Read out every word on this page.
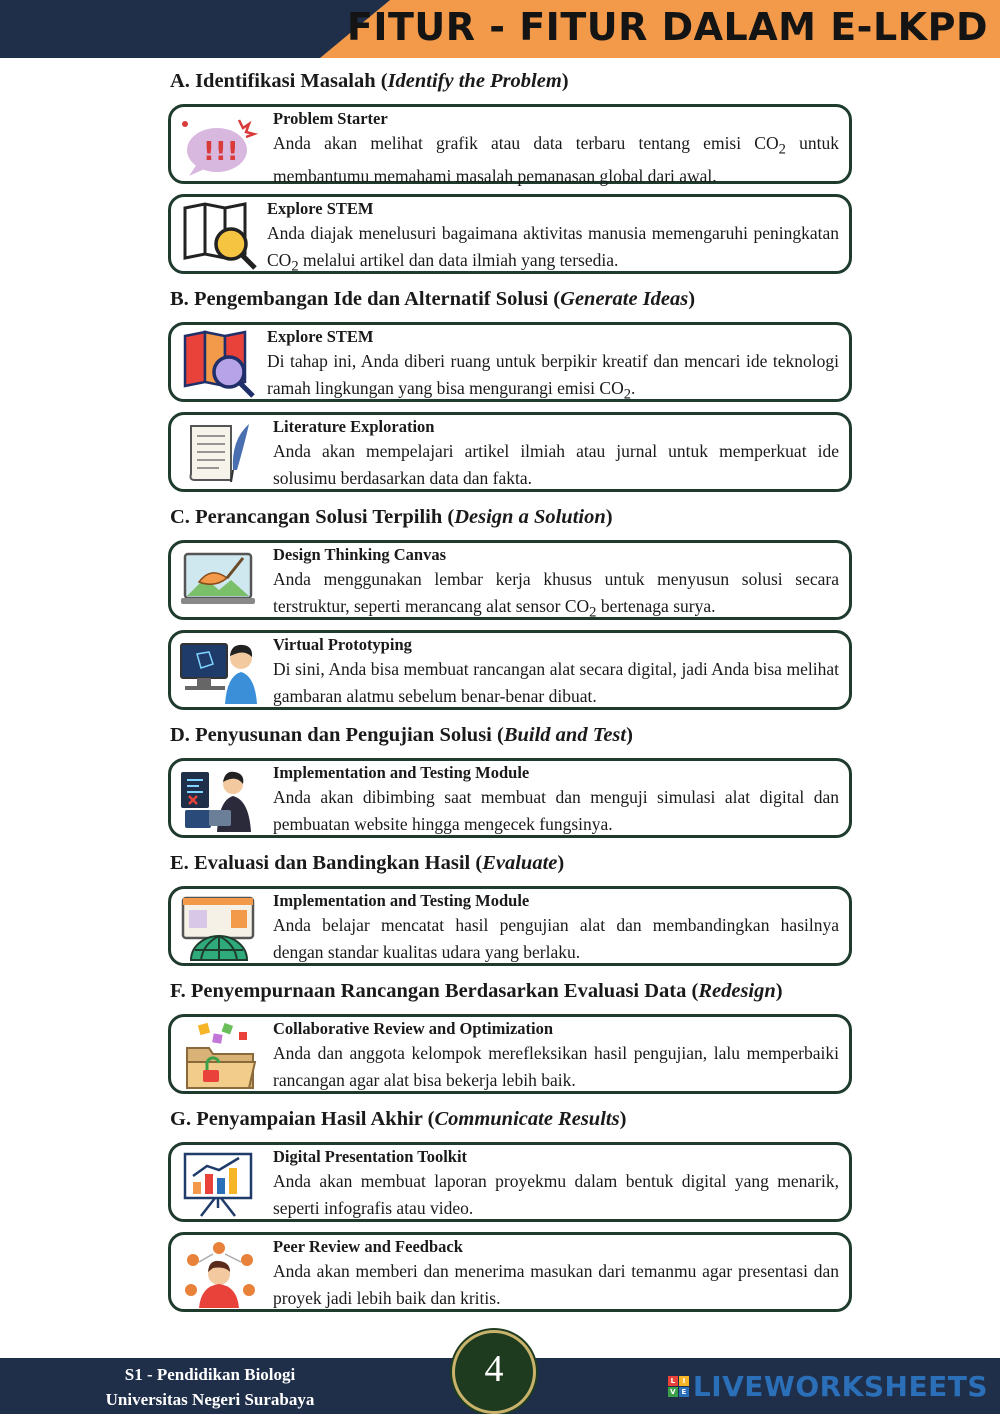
FITUR - FITUR DALAM E-LKPD
A. Identifikasi Masalah (Identify the Problem)
!!!
Problem Starter
Anda akan melihat grafik atau data terbaru tentang emisi $CO_2$ untuk membantumu memahami masalah pemanasan global dari awal.
Explore STEM
Anda diajak menelusuri bagaimana aktivitas manusia memengaruhi peningkatan $CO_2$ melalui artikel dan data ilmiah yang tersedia.
B. Pengembangan Ide dan Alternatif Solusi (Generate Ideas)
Explore STEM
Di tahap ini, Anda diberi ruang untuk berpikir kreatif dan mencari ide teknologi ramah lingkungan yang bisa mengurangi emisi $CO_2$.
Literature Exploration
Anda akan mempelajari artikel ilmiah atau jurnal untuk memperkuat ide solusimu berdasarkan data dan fakta.
C. Perancangan Solusi Terpilih (Design a Solution)
Design Thinking Canvas
Anda menggunakan lembar kerja khusus untuk menyusun solusi secara terstruktur, seperti merancang alat sensor $CO_2$ bertenaga surya.
Virtual Prototyping
Di sini, Anda bisa membuat rancangan alat secara digital, jadi Anda bisa melihat gambaran alatmu sebelum benar-benar dibuat.
D. Penyusunan dan Pengujian Solusi (Build and Test)
Implementation and Testing Module
Anda akan dibimbing saat membuat dan menguji simulasi alat digital dan pembuatan website hingga mengecek fungsinya.
E. Evaluasi dan Bandingkan Hasil (Evaluate)
Implementation and Testing Module
Anda belajar mencatat hasil pengujian alat dan membandingkan hasilnya dengan standar kualitas udara yang berlaku.
F. Penyempurnaan Rancangan Berdasarkan Evaluasi Data (Redesign)
Collaborative Review and Optimization
Anda dan anggota kelompok merefleksikan hasil pengujian, lalu memperbaiki rancangan agar alat bisa bekerja lebih baik.
G. Penyampaian Hasil Akhir (Communicate Results)
Digital Presentation Toolkit
Anda akan membuat laporan proyekmu dalam bentuk digital yang menarik, seperti infografis atau video.
Peer Review and Feedback
Anda akan memberi dan menerima masukan dari temanmu agar presentasi dan proyek jadi lebih baik dan kritis.
S1 - Pendidikan Biologi
Universitas Negeri Surabaya
4	L	I
V E LIVEWORKSHEETS
